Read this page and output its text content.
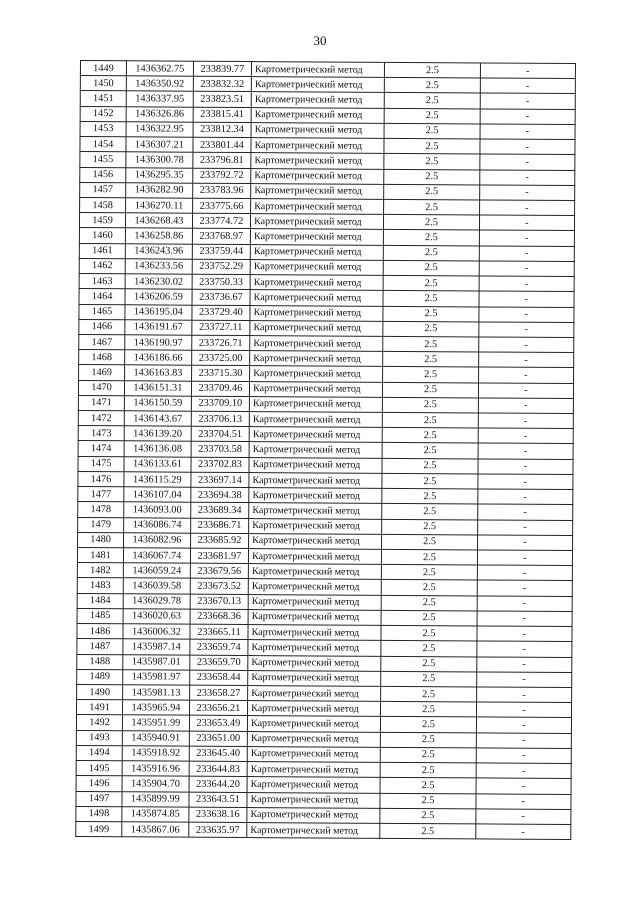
30
1449	1436362.75	233839.77	Картометрический метод	2.5	-
1450	1436350.92	233832.32	Картометрический метод	2.5	-
1451	1436337.95	233823.51	Картометрический метод	2.5	-
1452	1436326.86	233815.41	Картометрический метод	2.5	-
1453	1436322.95	233812.34	Картометрический метод	2.5	-
1454	1436307.21	233801.44	Картометрический метод	2.5	-
1455	1436300.78	233796.81	Картометрический метод	2.5	-
1456	1436295.35	233792.72	Картометрический метод	2.5	-
1457	1436282.90	233783.96	Картометрический метод	2.5	-
1458	1436270.11	233775.66	Картометрический метод	2.5	-
1459	1436268.43	233774.72	Картометрический метод	2.5	-
1460	1436258.86	233768.97	Картометрический метод	2.5	-
1461	1436243.96	233759.44	Картометрический метод	2.5	-
1462	1436233.56	233752.29	Картометрический метод	2.5	-
1463	1436230.02	233750.33	Картометрический метод	2.5	-
1464	1436206.59	233736.67	Картометрический метод	2.5	-
1465	1436195.04	233729.40	Картометрический метод	2.5	-
1466	1436191.67	233727.11	Картометрический метод	2.5	-
1467	1436190.97	233726.71	Картометрический метод	2.5	-
1468	1436186.66	233725.00	Картометрический метод	2.5	-
1469	1436163.83	233715.30	Картометрический метод	2.5	-
1470	1436151.31	233709.46	Картометрический метод	2.5	-
1471	1436150.59	233709.10	Картометрический метод	2.5	-
1472	1436143.67	233706.13	Картометрический метод	2.5	-
1473	1436139.20	233704.51	Картометрический метод	2.5	-
1474	1436136.08	233703.58	Картометрический метод	2.5	-
1475	1436133.61	233702.83	Картометрический метод	2.5	-
1476	1436115.29	233697.14	Картометрический метод	2.5	-
1477	1436107.04	233694.38	Картометрический метод	2.5	-
1478	1436093.00	233689.34	Картометрический метод	2.5	-
1479	1436086.74	233686.71	Картометрический метод	2.5	-
1480	1436082.96	233685.92	Картометрический метод	2.5	-
1481	1436067.74	233681.97	Картометрический метод	2.5	-
1482	1436059.24	233679.56	Картометрический метод	2.5	-
1483	1436039.58	233673.52	Картометрический метод	2.5	-
1484	1436029.78	233670.13	Картометрический метод	2.5	-
1485	1436020.63	233668.36	Картометрический метод	2.5	-
1486	1436006.32	233665.11	Картометрический метод	2.5	-
1487	1435987.14	233659.74	Картометрический метод	2.5	-
1488	1435987.01	233659.70	Картометрический метод	2.5	-
1489	1435981.97	233658.44	Картометрический метод	2.5	-
1490	1435981.13	233658.27	Картометрический метод	2.5	-
1491	1435965.94	233656.21	Картометрический метод	2.5	-
1492	1435951.99	233653.49	Картометрический метод	2.5	-
1493	1435940.91	233651.00	Картометрический метод	2.5	-
1494	1435918.92	233645.40	Картометрический метод	2.5	-
1495	1435916.96	233644.83	Картометрический метод	2.5	-
1496	1435904.70	233644.20	Картометрический метод	2.5	-
1497	1435899.99	233643.51	Картометрический метод	2.5	-
1498	1435874.85	233638.16	Картометрический метод	2.5	-
1499	1435867.06	233635.97	Картометрический метод	2.5	-
